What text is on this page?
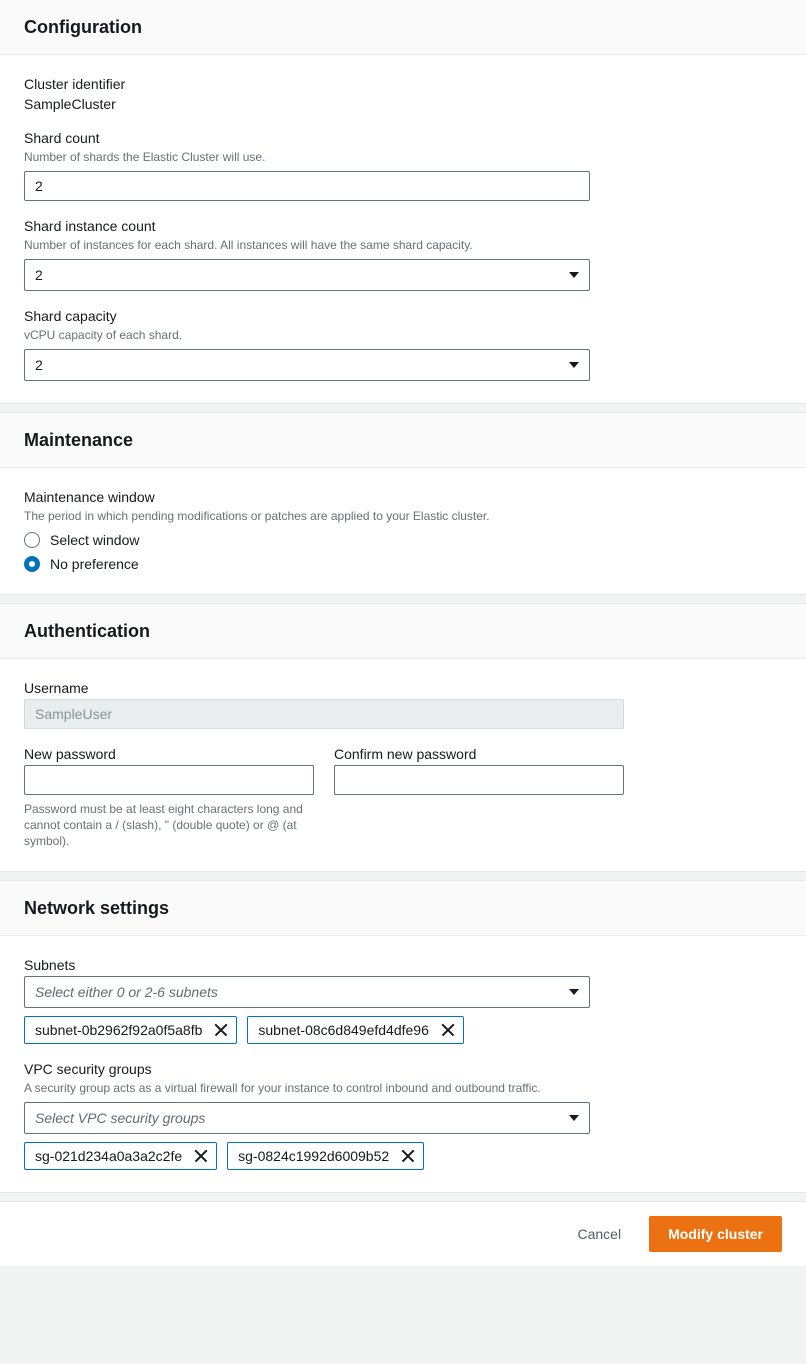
Configuration
Cluster identifier
SampleCluster
Shard count
Number of shards the Elastic Cluster will use.
2
Shard instance count
Number of instances for each shard. All instances will have the same shard capacity.
2
Shard capacity
vCPU capacity of each shard.
2
Maintenance
Maintenance window
The period in which pending modifications or patches are applied to your Elastic cluster.
Select window
No preference
Authentication
Username
SampleUser
New password	Confirm new password
Password must be at least eight characters long and cannot contain a / (slash), " (double quote) or @ (at symbol).
Network settings
Subnets
Select either 0 or 2-6 subnets
subnet-0b2962f92a0f5a8fb	subnet-08c6d849efd4dfe96
VPC security groups
A security group acts as a virtual firewall for your instance to control inbound and outbound traffic.
Select VPC security groups
sg-021d234a0a3a2c2fe	sg-0824c1992d6009b52
Cancel	Modify cluster
